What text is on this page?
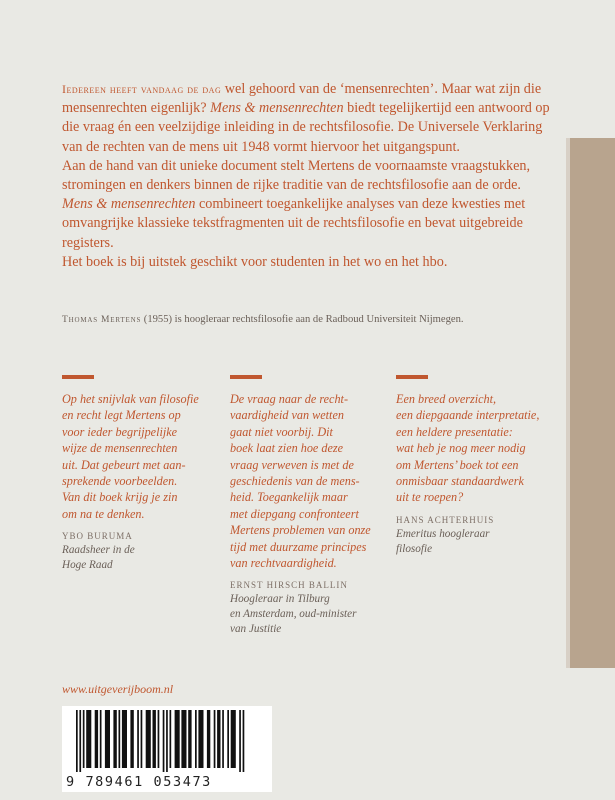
Iedereen heeft vandaag de dag wel gehoord van de ‘mensenrechten’. Maar wat zijn die mensenrechten eigenlijk? Mens & mensenrechten biedt tegelijkertijd een antwoord op die vraag én een veelzijdige inleiding in de rechtsfilosofie. De Universele Verklaring van de rechten van de mens uit 1948 vormt hiervoor het uitgangspunt.

Aan de hand van dit unieke document stelt Mertens de voornaamste vraagstukken, stromingen en denkers binnen de rijke traditie van de rechtsfilosofie aan de orde.

Mens & mensenrechten combineert toegankelijke analyses van deze kwesties met omvangrijke klassieke tekstfragmenten uit de rechtsfilosofie en bevat uitgebreide registers.

Het boek is bij uitstek geschikt voor studenten in het wo en het hbo.

Thomas Mertens (1955) is hoogleraar rechtsfilosofie aan de Radboud Universiteit Nijmegen.

Op het snijvlak van filosofie
en recht legt Mertens op
voor ieder begrijpelijke
wijze de mensenrechten
uit. Dat gebeurt met aan-
sprekende voorbeelden.
Van dit boek krijg je zin
om na te denken.

YBO BURUMA
Raadsheer in de
Hoge Raad

De vraag naar de recht-
vaardigheid van wetten
gaat niet voorbij. Dit
boek laat zien hoe deze
vraag verweven is met de
geschiedenis van de mens-
heid. Toegankelijk maar
met diepgang confronteert
Mertens problemen van onze
tijd met duurzame principes
van rechtvaardigheid.

ERNST HIRSCH BALLIN
Hoogleraar in Tilburg
en Amsterdam, oud-minister
van Justitie

Een breed overzicht,
een diepgaande interpretatie,
een heldere presentatie:
wat heb je nog meer nodig
om Mertens’ boek tot een
onmisbaar standaardwerk
uit te roepen?

HANS ACHTERHUIS
Emeritus hoogleraar
filosofie
www.uitgeverijboom.nl
9 789461 053473
